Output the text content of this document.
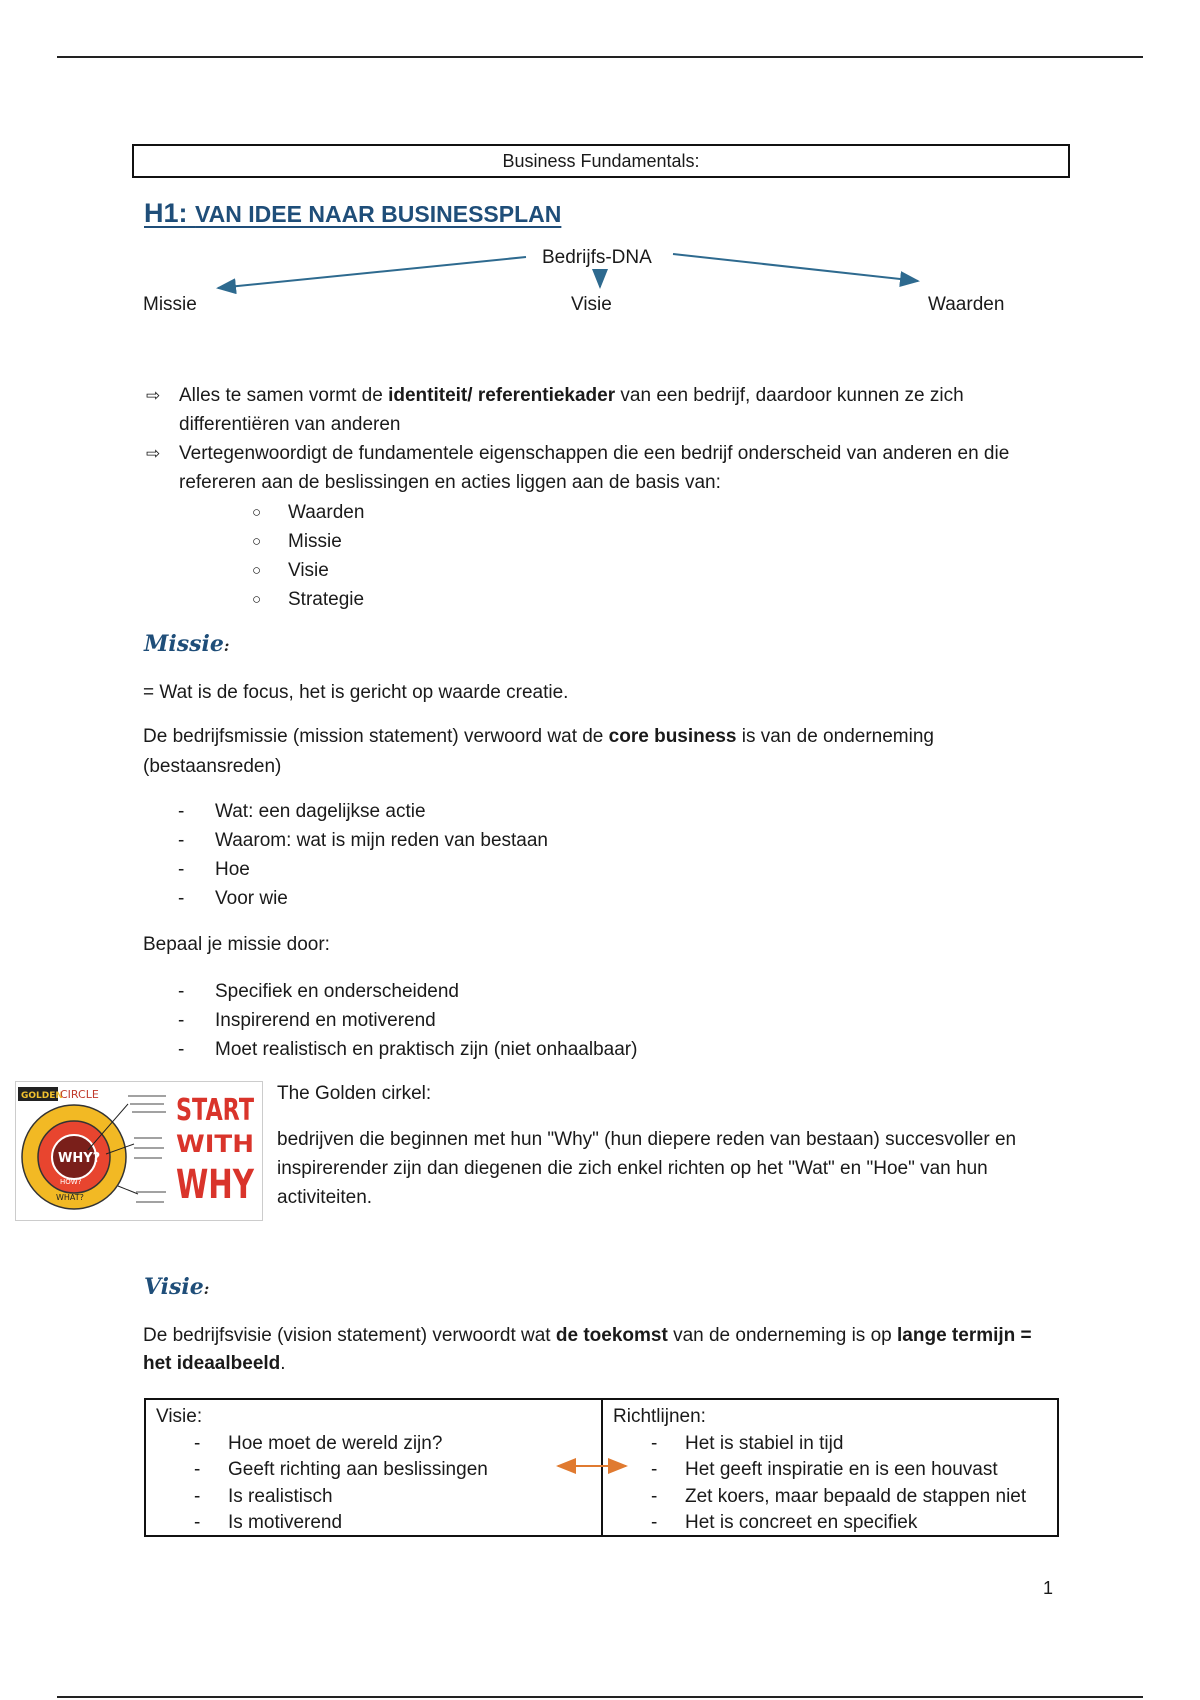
Business Fundamentals:
H1: VAN IDEE NAAR BUSINESSPLAN
Bedrijfs-DNA
Missie	Visie	Waarden
⇨ Alles te samen vormt de identiteit/ referentiekader van een bedrijf, daardoor kunnen ze zich differentiëren van anderen
⇨ Vertegenwoordigt de fundamentele eigenschappen die een bedrijf onderscheid van anderen en die refereren aan de beslissingen en acties liggen aan de basis van:
○ Waarden
○ Missie
○ Visie
○ Strategie
Missie:
= Wat is de focus, het is gericht op waarde creatie.
De bedrijfsmissie (mission statement) verwoord wat de core business is van de onderneming (bestaansreden)
- Wat: een dagelijkse actie
- Waarom: wat is mijn reden van bestaan
- Hoe
- Voor wie
Bepaal je missie door:
- Specifiek en onderscheidend
- Inspirerend en motiverend
- Moet realistisch en praktisch zijn (niet onhaalbaar)
GOLDEN
CIRCLE
WHY?
HOW?
WHAT?
START
WITH
WHY
The Golden cirkel:
bedrijven die beginnen met hun "Why" (hun diepere reden van bestaan) succesvoller en inspirerender zijn dan diegenen die zich enkel richten op het "Wat" en "Hoe" van hun activiteiten.
Visie:
De bedrijfsvisie (vision statement) verwoordt wat de toekomst van de onderneming is op lange termijn = het ideaalbeeld.
Visie:
- Hoe moet de wereld zijn?
- Geeft richting aan beslissingen
- Is realistisch
- Is motiverend
Richtlijnen:
- Het is stabiel in tijd
- Het geeft inspiratie en is een houvast
- Zet koers, maar bepaald de stappen niet
- Het is concreet en specifiek
1
